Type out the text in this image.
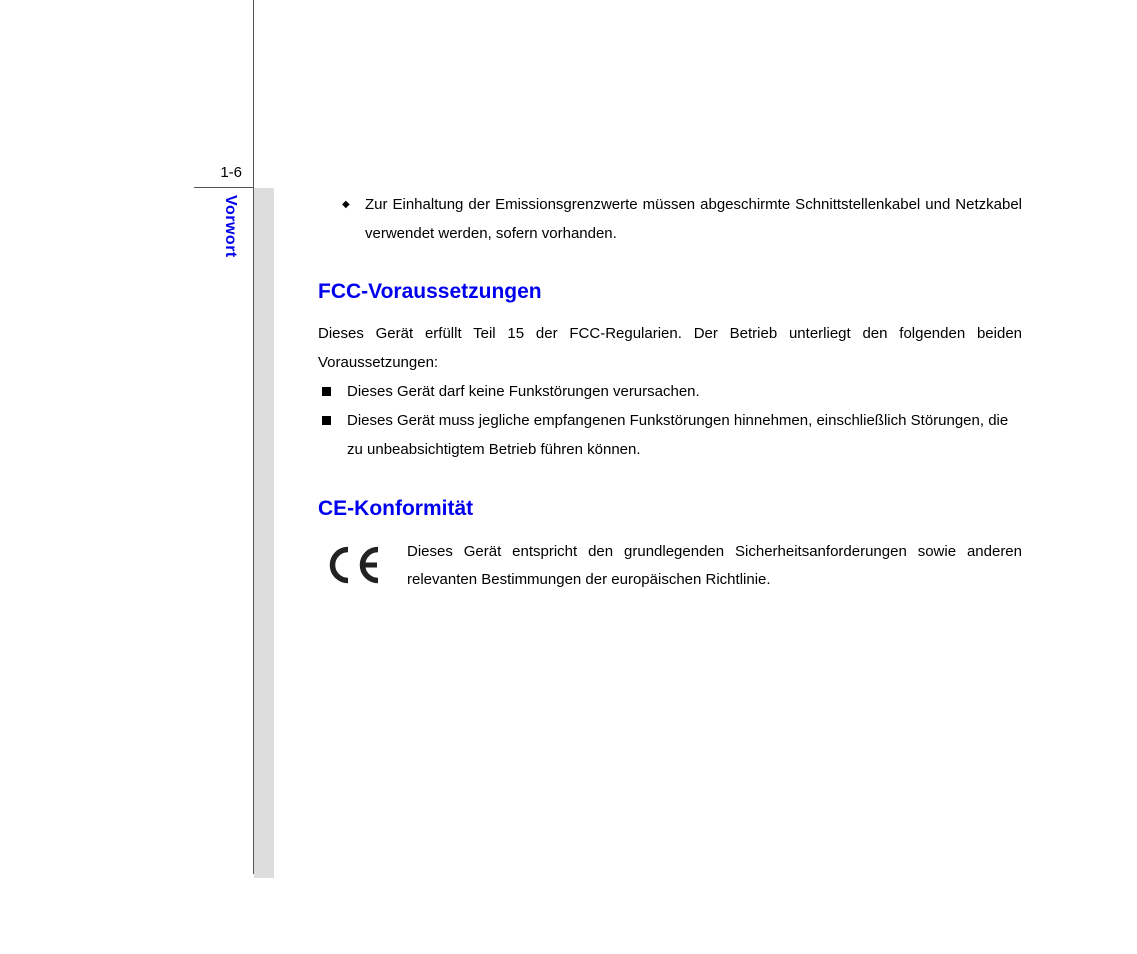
1-6
Vorwort	◆ Zur Einhaltung der Emissionsgrenzwerte müssen abgeschirmte Schnittstellenkabel und Netzkabel verwendet werden, sofern vorhanden.
FCC-Voraussetzungen
Dieses Gerät erfüllt Teil 15 der FCC-Regularien. Der Betrieb unterliegt den folgenden beiden Voraussetzungen:
Dieses Gerät darf keine Funkstörungen verursachen.
Dieses Gerät muss jegliche empfangenen Funkstörungen hinnehmen, einschließlich Störungen, die zu unbeabsichtigtem Betrieb führen können.
CE-Konformität
Dieses Gerät entspricht den grundlegenden Sicherheitsanforderungen sowie anderen relevanten Bestimmungen der europäischen Richtlinie.
